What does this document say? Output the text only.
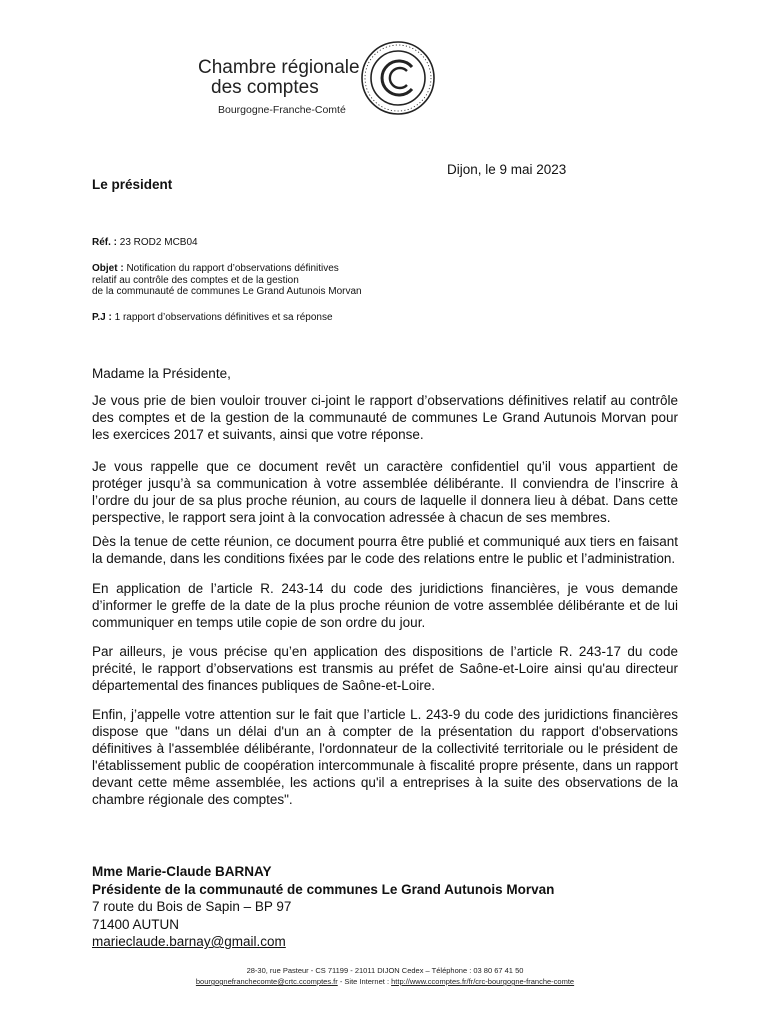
Chambre régionale
des comptes
Bourgogne-Franche-Comté
Dijon, le 9 mai 2023
Le président
Réf. : 23 ROD2 MCB04
Objet : Notification du rapport d’observations définitives
relatif au contrôle des comptes et de la gestion
de la communauté de communes Le Grand Autunois Morvan
P.J : 1 rapport d’observations définitives et sa réponse
Madame la Présidente,

Je vous prie de bien vouloir trouver ci-joint le rapport d’observations définitives relatif au contrôle des comptes et de la gestion de la communauté de communes Le Grand Autunois Morvan pour les exercices 2017 et suivants, ainsi que votre réponse.

Je vous rappelle que ce document revêt un caractère confidentiel qu’il vous appartient de protéger jusqu’à sa communication à votre assemblée délibérante. Il conviendra de l’inscrire à l’ordre du jour de sa plus proche réunion, au cours de laquelle il donnera lieu à débat. Dans cette perspective, le rapport sera joint à la convocation adressée à chacun de ses membres.

Dès la tenue de cette réunion, ce document pourra être publié et communiqué aux tiers en faisant la demande, dans les conditions fixées par le code des relations entre le public et l’administration.

En application de l’article R. 243-14 du code des juridictions financières, je vous demande d’informer le greffe de la date de la plus proche réunion de votre assemblée délibérante et de lui communiquer en temps utile copie de son ordre du jour.

Par ailleurs, je vous précise qu’en application des dispositions de l’article R. 243-17 du code précité, le rapport d’observations est transmis au préfet de Saône-et-Loire ainsi qu'au directeur départemental des finances publiques de Saône-et-Loire.

Enfin, j’appelle votre attention sur le fait que l’article L. 243-9 du code des juridictions financières dispose que "dans un délai d'un an à compter de la présentation du rapport d'observations définitives à l'assemblée délibérante, l'ordonnateur de la collectivité territoriale ou le président de l'établissement public de coopération intercommunale à fiscalité propre présente, dans un rapport devant cette même assemblée, les actions qu'il a entreprises à la suite des observations de la chambre régionale des comptes".

Mme Marie-Claude BARNAY
Présidente de la communauté de communes Le Grand Autunois Morvan
7 route du Bois de Sapin – BP 97
71400 AUTUN
marieclaude.barnay@gmail.com
28-30, rue Pasteur - CS 71199 - 21011 DIJON Cedex – Téléphone : 03 80 67 41 50
bourgognefranchecomte@crtc.ccomptes.fr - Site Internet : http://www.ccomptes.fr/fr/crc-bourgogne-franche-comte
